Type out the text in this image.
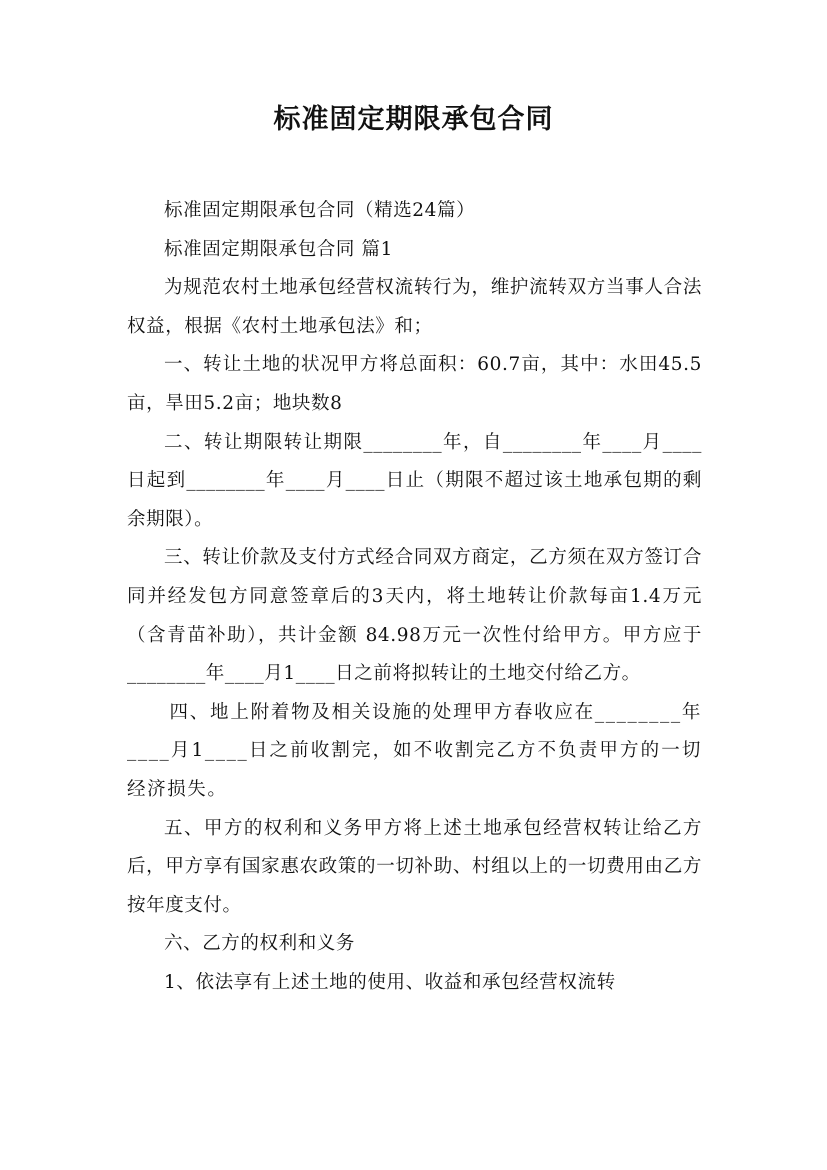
标准固定期限承包合同

标准固定期限承包合同（精选24篇）

标准固定期限承包合同 篇1

为规范农村土地承包经营权流转行为，维护流转双方当事人合法权益，根据《农村土地承包法》和；

一、转让土地的状况甲方将总面积：60.7亩，其中：水田45.5亩，旱田5.2亩；地块数8

二、转让期限转让期限________年，自________年____月____日起到________年____月____日止（期限不超过该土地承包期的剩余期限）。

三、转让价款及支付方式经合同双方商定，乙方须在双方签订合同并经发包方同意签章后的3天内，将土地转让价款每亩1.4万元（含青苗补助），共计金额 84.98万元一次性付给甲方。甲方应于________年____月1____日之前将拟转让的土地交付给乙方。

四、地上附着物及相关设施的处理甲方春收应在________年____月1____日之前收割完，如不收割完乙方不负责甲方的一切经济损失。

五、甲方的权利和义务甲方将上述土地承包经营权转让给乙方后，甲方享有国家惠农政策的一切补助、村组以上的一切费用由乙方按年度支付。

六、乙方的权利和义务

1、依法享有上述土地的使用、收益和承包经营权流转
